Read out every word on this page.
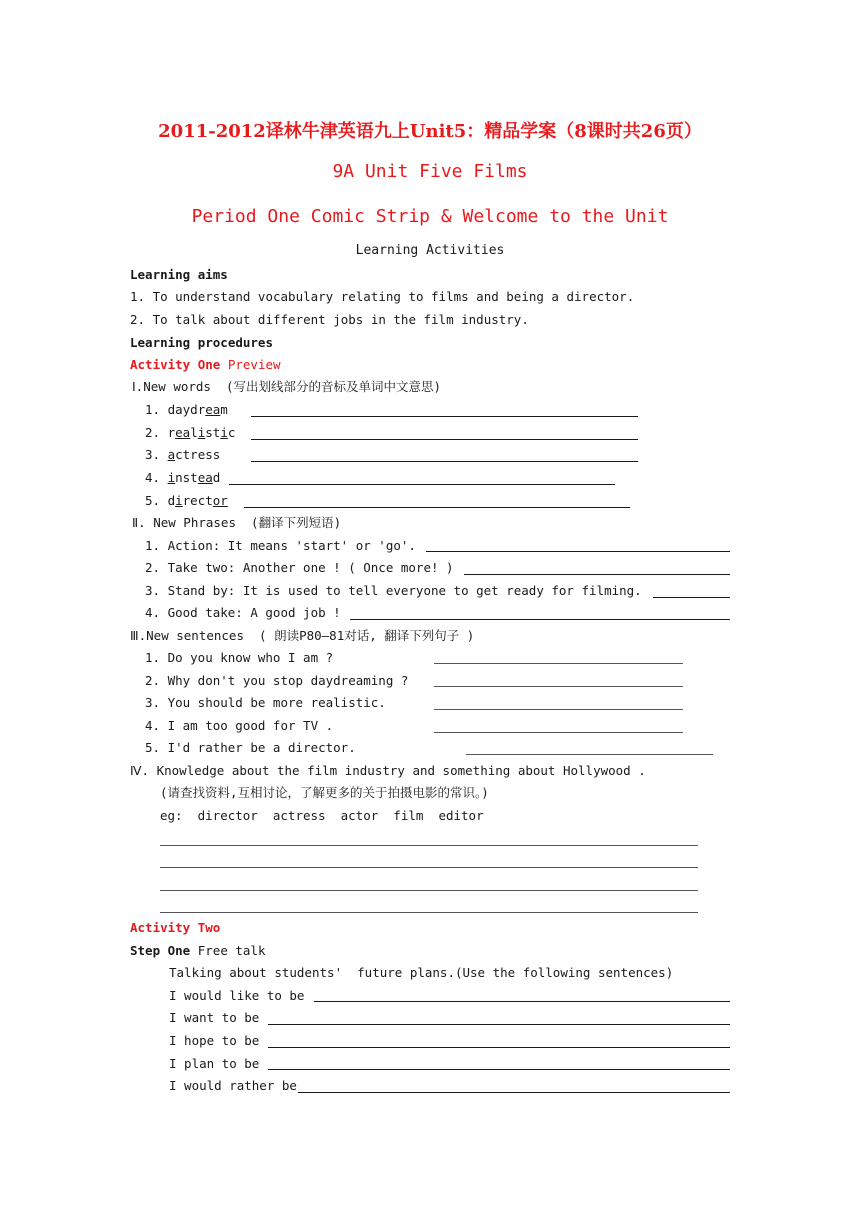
2011-2012译林牛津英语九上Unit5：精品学案（8课时共26页）
9A Unit Five Films
Period One Comic Strip & Welcome to the Unit
Learning Activities
Learning aims
1. To understand vocabulary relating to films and being a director.
2. To talk about different jobs in the film industry.
Learning procedures
Activity One Preview
Ⅰ.New words  (写出划线部分的音标及单词中文意思)
1. daydream
2. realistic
3. actress
4. instead
5. director
Ⅱ. New Phrases  (翻译下列短语)
1. Action: It means 'start' or 'go'.
2. Take two: Another one ! ( Once more! )
3. Stand by: It is used to tell everyone to get ready for filming.
4. Good take: A good job !
Ⅲ.New sentences  ( 朗读P80—81对话, 翻译下列句子 )
1. Do you know who I am ?
2. Why don't you stop daydreaming ?
3. You should be more realistic.
4. I am too good for TV .
5. I'd rather be a director.
Ⅳ. Knowledge about the film industry and something about Hollywood .
(请查找资料,互相讨论，了解更多的关于拍摄电影的常识。)
eg:  director  actress  actor  film  editor
Activity Two
Step One Free talk
Talking about students'  future plans.(Use the following sentences)
I would like to be
I want to be
I hope to be
I plan to be
I would rather be
